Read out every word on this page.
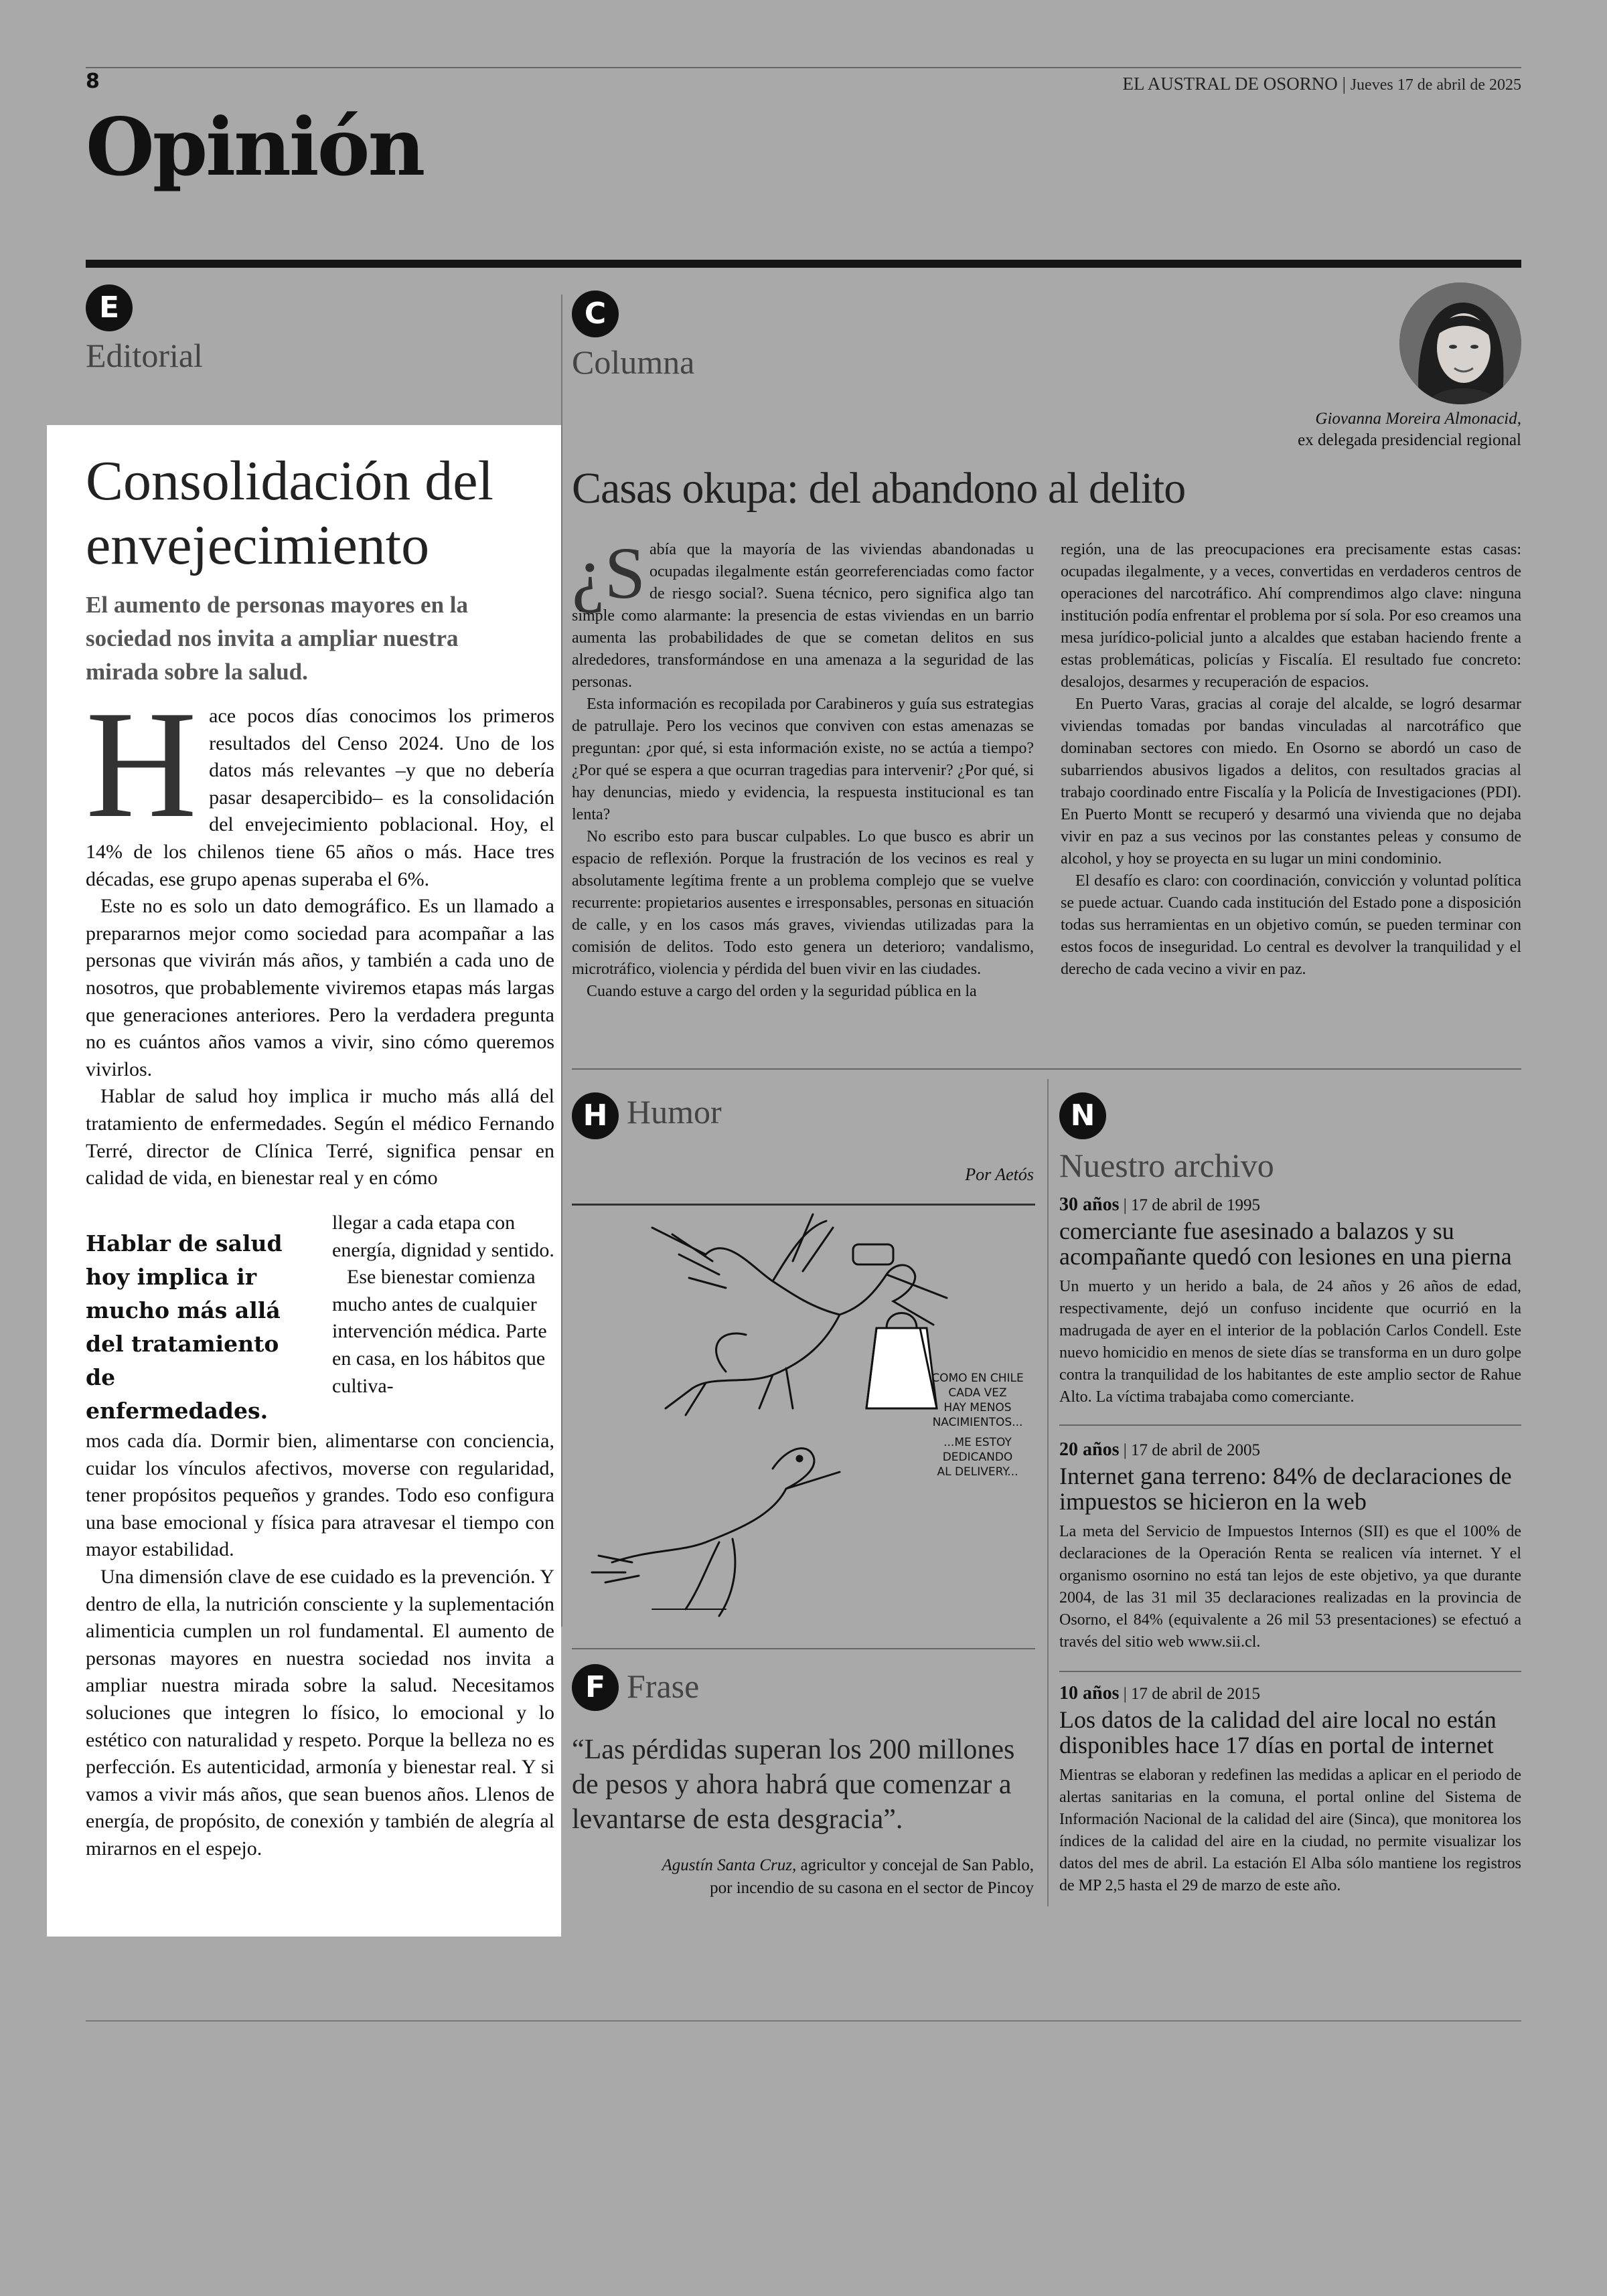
8	EL AUSTRAL DE OSORNO | Jueves 17 de abril de 2025
Opinión
E
Editorial
Consolidación del envejecimiento
El aumento de personas mayores en la sociedad nos invita a ampliar nuestra mirada sobre la salud.
H ace pocos días conocimos los primeros resultados del Censo 2024. Uno de los datos más relevantes –y que no debería pasar desapercibido– es la consolidación del envejecimiento poblacional. Hoy, el 14% de los chilenos tiene 65 años o más. Hace tres décadas, ese grupo apenas superaba el 6%.

Este no es solo un dato demográfico. Es un llamado a prepararnos mejor como sociedad para acompañar a las personas que vivirán más años, y también a cada uno de nosotros, que probablemente viviremos etapas más largas que generaciones anteriores. Pero la verdadera pregunta no es cuántos años vamos a vivir, sino cómo queremos vivirlos.

Hablar de salud hoy implica ir mucho más allá del tratamiento de enfermedades. Según el médico Fernando Terré, director de Clínica Terré, significa pensar en calidad de vida, en bienestar real y en cómo

Hablar de salud hoy implica ir mucho más allá del tratamiento de enfermedades.

llegar a cada etapa con energía, dignidad y sentido.

Ese bienestar comienza mucho antes de cualquier intervención médica. Parte en casa, en los hábitos que cultiva-

mos cada día. Dormir bien, alimentarse con conciencia, cuidar los vínculos afectivos, moverse con regularidad, tener propósitos pequeños y grandes. Todo eso configura una base emocional y física para atravesar el tiempo con mayor estabilidad.

Una dimensión clave de ese cuidado es la prevención. Y dentro de ella, la nutrición consciente y la suplementación alimenticia cumplen un rol fundamental. El aumento de personas mayores en nuestra sociedad nos invita a ampliar nuestra mirada sobre la salud. Necesitamos soluciones que integren lo físico, lo emocional y lo estético con naturalidad y respeto. Porque la belleza no es perfección. Es autenticidad, armonía y bienestar real. Y si vamos a vivir más años, que sean buenos años. Llenos de energía, de propósito, de conexión y también de alegría al mirarnos en el espejo.

C
Columna
Giovanna Moreira Almonacid,
ex delegada presidencial regional
Casas okupa: del abandono al delito
¿S abía que la mayoría de las viviendas abandonadas u ocupadas ilegalmente están georreferenciadas como factor de riesgo social?. Suena técnico, pero significa algo tan simple como alarmante: la presencia de estas viviendas en un barrio aumenta las probabilidades de que se cometan delitos en sus alrededores, transformándose en una amenaza a la seguridad de las personas.

Esta información es recopilada por Carabineros y guía sus estrategias de patrullaje. Pero los vecinos que conviven con estas amenazas se preguntan: ¿por qué, si esta información existe, no se actúa a tiempo? ¿Por qué se espera a que ocurran tragedias para intervenir? ¿Por qué, si hay denuncias, miedo y evidencia, la respuesta institucional es tan lenta?

No escribo esto para buscar culpables. Lo que busco es abrir un espacio de reflexión. Porque la frustración de los vecinos es real y absolutamente legítima frente a un problema complejo que se vuelve recurrente: propietarios ausentes e irresponsables, personas en situación de calle, y en los casos más graves, viviendas utilizadas para la comisión de delitos. Todo esto genera un deterioro; vandalismo, microtráfico, violencia y pérdida del buen vivir en las ciudades.

Cuando estuve a cargo del orden y la seguridad pública en la

región, una de las preocupaciones era precisamente estas casas: ocupadas ilegalmente, y a veces, convertidas en verdaderos centros de operaciones del narcotráfico. Ahí comprendimos algo clave: ninguna institución podía enfrentar el problema por sí sola. Por eso creamos una mesa jurídico-policial junto a alcaldes que estaban haciendo frente a estas problemáticas, policías y Fiscalía. El resultado fue concreto: desalojos, desarmes y recuperación de espacios.

En Puerto Varas, gracias al coraje del alcalde, se logró desarmar viviendas tomadas por bandas vinculadas al narcotráfico que dominaban sectores con miedo. En Osorno se abordó un caso de subarriendos abusivos ligados a delitos, con resultados gracias al trabajo coordinado entre Fiscalía y la Policía de Investigaciones (PDI). En Puerto Montt se recuperó y desarmó una vivienda que no dejaba vivir en paz a sus vecinos por las constantes peleas y consumo de alcohol, y hoy se proyecta en su lugar un mini condominio.

El desafío es claro: con coordinación, convicción y voluntad política se puede actuar. Cuando cada institución del Estado pone a disposición todas sus herramientas en un objetivo común, se pueden terminar con estos focos de inseguridad. Lo central es devolver la tranquilidad y el derecho de cada vecino a vivir en paz.

H Humor
Por Aetós
COMO EN CHILE
CADA VEZ
HAY MENOS
NACIMIENTOS...
...ME ESTOY
DEDICANDO
AL DELIVERY...
F Frase
“Las pérdidas superan los 200 millones de pesos y ahora habrá que comenzar a levantarse de esta desgracia”.
Agustín Santa Cruz, agricultor y concejal de San Pablo,
por incendio de su casona en el sector de Pincoy
N
Nuestro archivo
30 años | 17 de abril de 1995
comerciante fue asesinado a balazos y su acompañante quedó con lesiones en una pierna
Un muerto y un herido a bala, de 24 años y 26 años de edad, respectivamente, dejó un confuso incidente que ocurrió en la madrugada de ayer en el interior de la población Carlos Condell. Este nuevo homicidio en menos de siete días se transforma en un duro golpe contra la tranquilidad de los habitantes de este amplio sector de Rahue Alto. La víctima trabajaba como comerciante.
20 años | 17 de abril de 2005
Internet gana terreno: 84% de declaraciones de impuestos se hicieron en la web
La meta del Servicio de Impuestos Internos (SII) es que el 100% de declaraciones de la Operación Renta se realicen vía internet. Y el organismo osornino no está tan lejos de este objetivo, ya que durante 2004, de las 31 mil 35 declaraciones realizadas en la provincia de Osorno, el 84% (equivalente a 26 mil 53 presentaciones) se efectuó a través del sitio web www.sii.cl.
10 años | 17 de abril de 2015
Los datos de la calidad del aire local no están disponibles hace 17 días en portal de internet
Mientras se elaboran y redefinen las medidas a aplicar en el periodo de alertas sanitarias en la comuna, el portal online del Sistema de Información Nacional de la calidad del aire (Sinca), que monitorea los índices de la calidad del aire en la ciudad, no permite visualizar los datos del mes de abril. La estación El Alba sólo mantiene los registros de MP 2,5 hasta el 29 de marzo de este año.
